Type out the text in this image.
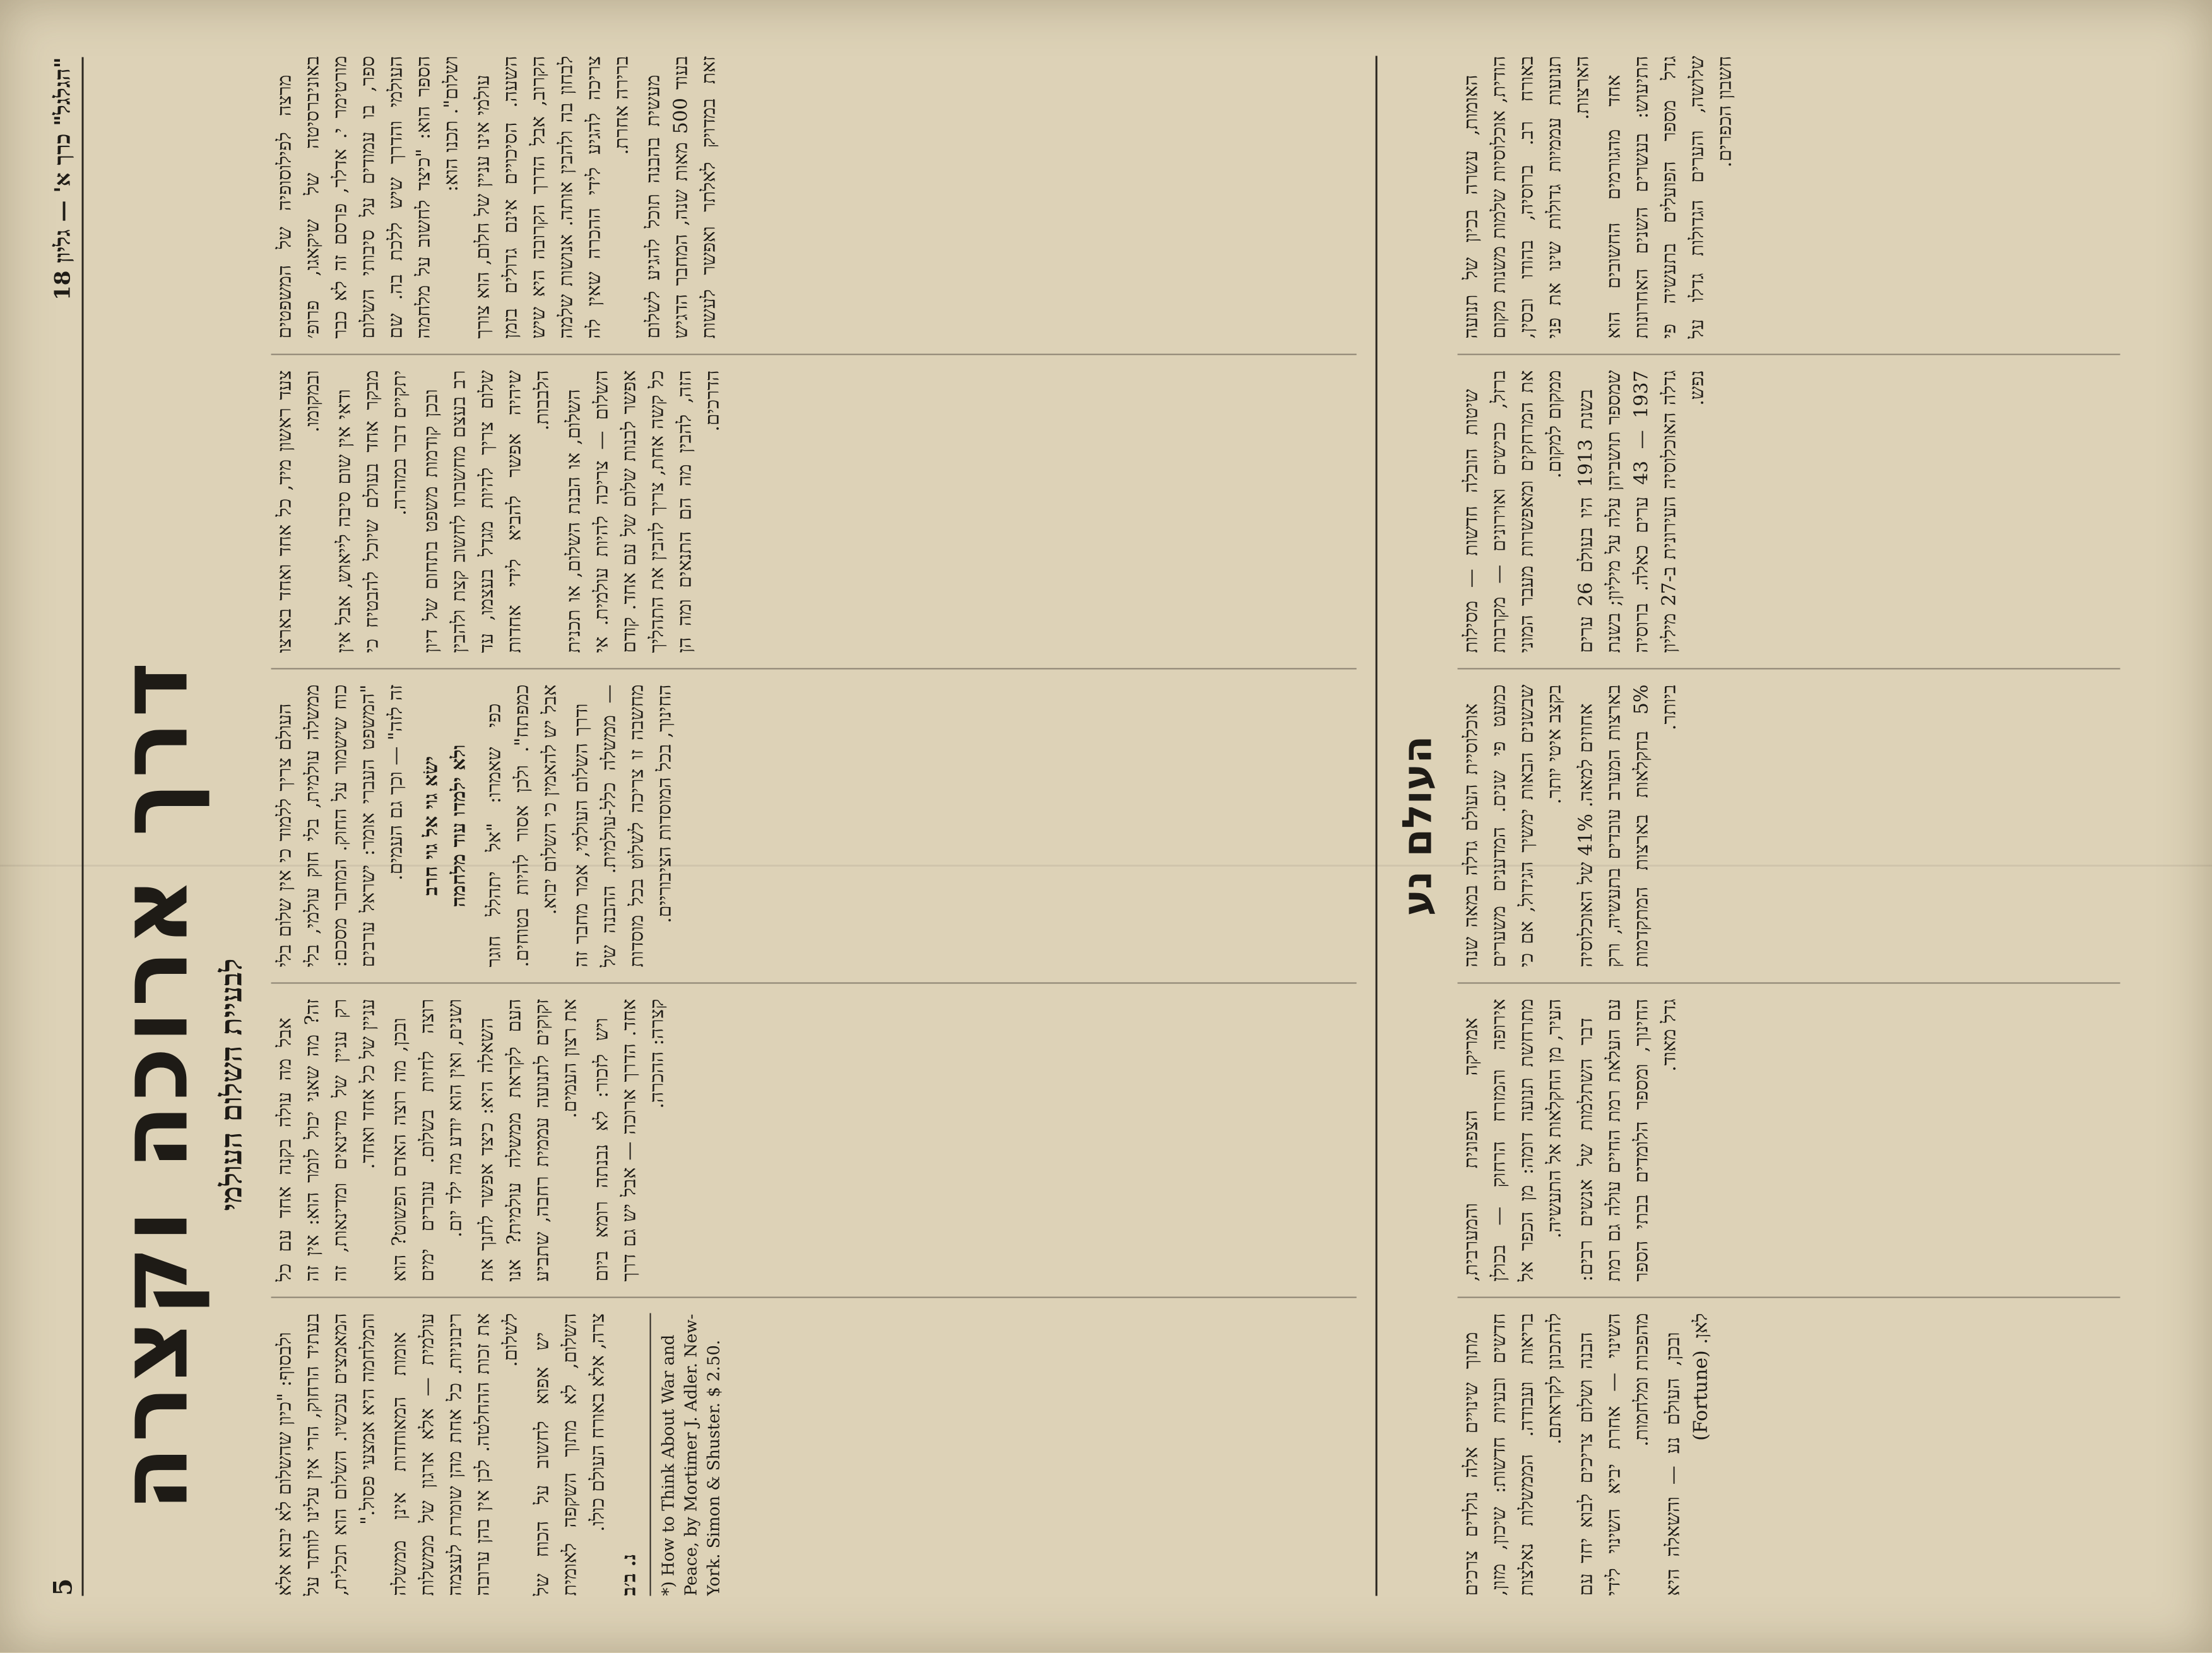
"הגלגל" כרך א' — גליון 18
5
דרך ארוכה וקצרה לבעיית השלום העולמי

מרצה לפילוסופיה של המשפטים באוניברסיטה של שיקאגו, פרופ׳ מורטימר י. אדלר, פרסם זה לא כבר ספר, בו עמודים על סיבותי השלום העולמי והדרך שיש ללכת בה. שם הספר הוא: "כיצד לחשוב על מלחמה ושלום". תכנו הוא: עולמי אינו עניין של חלום, הוא צורך השעה. הסיכויים אינם גדולים בזמן הקרוב, אבל הדרך הקרובה היא שיש לבחון בה ולהבין אותה. אנושות שלמה צריכה להגיע לידי ההכרה שאין לה ברירה אחרת. מעשית בהבנה תוכל להגיע לשלום בעוד 500 מאות שנה, המחבר הדגיש זאת במדויק לאלתר ואפשר לעשות צעד ראשון מיד, כל אחד ואחד בארצו ובמקומו. ודאי אין שום סיבה לייאוש, אבל אין מבקר אחד בעולם שיוכל להבטיח כי יתקיים דבר במהרה. ובכן קודמות משפט בתחום של דיון רב בעצם מחשבתו לחשוב קצת ולהבין שלום צריך להיות מגדל בעצמו, עד שיהיה אפשר להביא לידי אחדות הלבבות. השלום, או הבנת השלום, או תכנית השלום — צריכה להיות עולמית. אי אפשר לבנות שלום של עם אחד. קודם כל קשה אחת, צריך להבין את התהליך הזה, להבין מה הם התנאים ומה הן הדרכים.

העולם צריך ללמוד כי אין שלום בלי ממשלה עולמית, בלי חוק עולמי, בלי כוח שישמור על החוק. המחבר מסכם: "המשפט העברי אומר: ישראל ערבים זה לזה" — וכך גם העמים. ישׂא גוי אל גוי חרב ולא ילמדו עוד מלחמה כפי שאמרו: "אל יתהלל חוגר כמפתח". ולכן אסור להיות בטוחים. אבל יש להאמין כי השלום יבוא. ודרך השלום העולמי, אמר מחבר זה — ממשלה כלל-עולמית. ההבנה של מחשבה זו צריכה לשלוט בכל מוסדות החינוך, בכל המוסדות הציבוריים.

אבל מה עולה בקנה אחד עם כל זה? מה שאני יכול לומר הוא: אין זה רק עניין של מדינאים ומדינאות, זה עניין של כל אחד ואחד. ובכן, מה רוצה האדם הפשוט? הוא רוצה לחיות בשלום. עוברים ימים ושנים, ואין הוא יודע מה ילד יום. השאלה היא: כיצד אפשר לחנך את העם לקראת ממשלה עולמית? אנו זקוקים לתנועה עממית רחבה, שתביע את רצון העמים. ויש לזכור: לא נבנתה רומא ביום אחד. הדרך ארוכה — אבל יש גם דרך קצרה: ההכרה.

ולבסוף: "כיון שהשלום לא יבוא אלא בעתיד הרחוק, הרי אין עלינו לוותר על המאמצים עכשיו. השלום הוא תכלית, והמלחמה היא אמצעי פסול." אומות המאוחדות אינן ממשלה עולמית — אלא ארגון של ממשלות ריבוניות. כל אחת מהן שומרת לעצמה את זכות ההחלטה. לכן אין בהן ערובה לשלום. יש אפוא לחשוב על הכוח של השלום, לא מתוך השקפה לאומית צרה, אלא באורח העולם כולו.

נ. ב׳ב	*) How to Think About War and Peace, by Mortimer J. Adler. New-York. Simon & Shuster. $ 2.50.
העולם נע

האומות, עשרה בכיון של תנועה הודית, אוכלוסיות שלמות משנות מקום באורח רב. ברוסיה, בהודו ובסין, תנועות עממיות גדולות שינו את פני הארצות. אחד מהגורמים החשובים הוא התיעוש: בעשרים השנים האחרונות גדל מספר הפועלים בתעשיה פי שלושה, והערים הגדולות גדלו על חשבון הכפרים.

שיטות הובלה חדשות — מסילות ברזל, כבישים ואוירונים — מקרבות את המרחקים ומאפשרות מעבר המוני ממקום למקום.

בשנת 1913 היו בעולם 26 ערים שמספר תושביהן עלה על מיליון; בשנת 1937 — 43 ערים כאלה. ברוסיה גדלה האוכלוסיה העירונית ב-27 מיליון נפש.

אוכלוסיית העולם גדלה במאה שנה כמעט פי שנים. המדענים משערים שבשנים הבאות ימשיך הגידול, אם כי בקצב איטי יותר.

אחוזים למאה. 41% של האוכלוסיה בארצות המערב עובדים בתעשיה, ורק 5% בחקלאות בארצות המתקדמות ביותר.

אמריקה הצפונית והמערבית, אירופה והמזרח הרחוק — בכולן מתרחשת תנועה דומה: מן הכפר אל העיר, מן החקלאות אל התעשיה. דבר השתלמות של אנשים רבים: עם העלאת רמת החיים עולה גם רמת החינוך, ומספר הלומדים בבתי הספר גדל מאוד.

מתוך שינויים אלה נולדים צרכים חדשים ובעיות חדשות: שיכון, מזון, בריאות ועבודה. הממשלות נאלצות להתכונן לקראתם. הבנה ושלום צריכים לבוא יחד עם השינוי — אחרת יביא השינוי לידי מהפכות ומלחמות. ובכן, העולם נע — והשאלה היא לאן. (Fortune)
